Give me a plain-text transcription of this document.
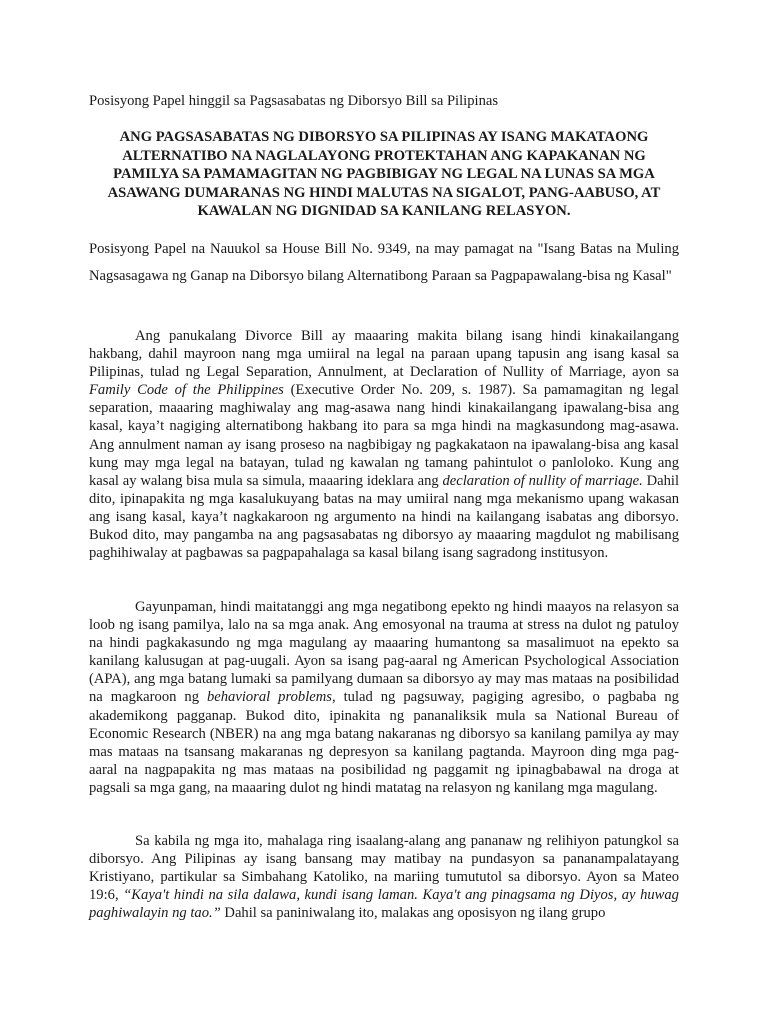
Posisyong Papel hinggil sa Pagsasabatas ng Diborsyo Bill sa Pilipinas
ANG PAGSASABATAS NG DIBORSYO SA PILIPINAS AY ISANG MAKATAONG ALTERNATIBO NA NAGLALAYONG PROTEKTAHAN ANG KAPAKANAN NG PAMILYA SA PAMAMAGITAN NG PAGBIBIGAY NG LEGAL NA LUNAS SA MGA ASAWANG DUMARANAS NG HINDI MALUTAS NA SIGALOT, PANG-AABUSO, AT KAWALAN NG DIGNIDAD SA KANILANG RELASYON.
Posisyong Papel na Nauukol sa House Bill No. 9349, na may pamagat na "Isang Batas na Muling Nagsasagawa ng Ganap na Diborsyo bilang Alternatibong Paraan sa Pagpapawalang-bisa ng Kasal"

Ang panukalang Divorce Bill ay maaaring makita bilang isang hindi kinakailangang hakbang, dahil mayroon nang mga umiiral na legal na paraan upang tapusin ang isang kasal sa Pilipinas, tulad ng Legal Separation, Annulment, at Declaration of Nullity of Marriage, ayon sa Family Code of the Philippines (Executive Order No. 209, s. 1987). Sa pamamagitan ng legal separation, maaaring maghiwalay ang mag-asawa nang hindi kinakailangang ipawalang-bisa ang kasal, kaya’t nagiging alternatibong hakbang ito para sa mga hindi na magkasundong mag-asawa. Ang annulment naman ay isang proseso na nagbibigay ng pagkakataon na ipawalang-bisa ang kasal kung may mga legal na batayan, tulad ng kawalan ng tamang pahintulot o panloloko. Kung ang kasal ay walang bisa mula sa simula, maaaring ideklara ang declaration of nullity of marriage. Dahil dito, ipinapakita ng mga kasalukuyang batas na may umiiral nang mga mekanismo upang wakasan ang isang kasal, kaya’t nagkakaroon ng argumento na hindi na kailangang isabatas ang diborsyo. Bukod dito, may pangamba na ang pagsasabatas ng diborsyo ay maaaring magdulot ng mabilisang paghihiwalay at pagbawas sa pagpapahalaga sa kasal bilang isang sagradong institusyon.

Gayunpaman, hindi maitatanggi ang mga negatibong epekto ng hindi maayos na relasyon sa loob ng isang pamilya, lalo na sa mga anak. Ang emosyonal na trauma at stress na dulot ng patuloy na hindi pagkakasundo ng mga magulang ay maaaring humantong sa masalimuot na epekto sa kanilang kalusugan at pag-uugali. Ayon sa isang pag-aaral ng American Psychological Association (APA), ang mga batang lumaki sa pamilyang dumaan sa diborsyo ay may mas mataas na posibilidad na magkaroon ng behavioral problems, tulad ng pagsuway, pagiging agresibo, o pagbaba ng akademikong pagganap. Bukod dito, ipinakita ng pananaliksik mula sa National Bureau of Economic Research (NBER) na ang mga batang nakaranas ng diborsyo sa kanilang pamilya ay may mas mataas na tsansang makaranas ng depresyon sa kanilang pagtanda. Mayroon ding mga pag-aaral na nagpapakita ng mas mataas na posibilidad ng paggamit ng ipinagbabawal na droga at pagsali sa mga gang, na maaaring dulot ng hindi matatag na relasyon ng kanilang mga magulang.

Sa kabila ng mga ito, mahalaga ring isaalang-alang ang pananaw ng relihiyon patungkol sa diborsyo. Ang Pilipinas ay isang bansang may matibay na pundasyon sa pananampalatayang Kristiyano, partikular sa Simbahang Katoliko, na mariing tumututol sa diborsyo. Ayon sa Mateo 19:6, “Kaya't hindi na sila dalawa, kundi isang laman. Kaya't ang pinagsama ng Diyos, ay huwag paghiwalayin ng tao.” Dahil sa paniniwalang ito, malakas ang oposisyon ng ilang grupo
